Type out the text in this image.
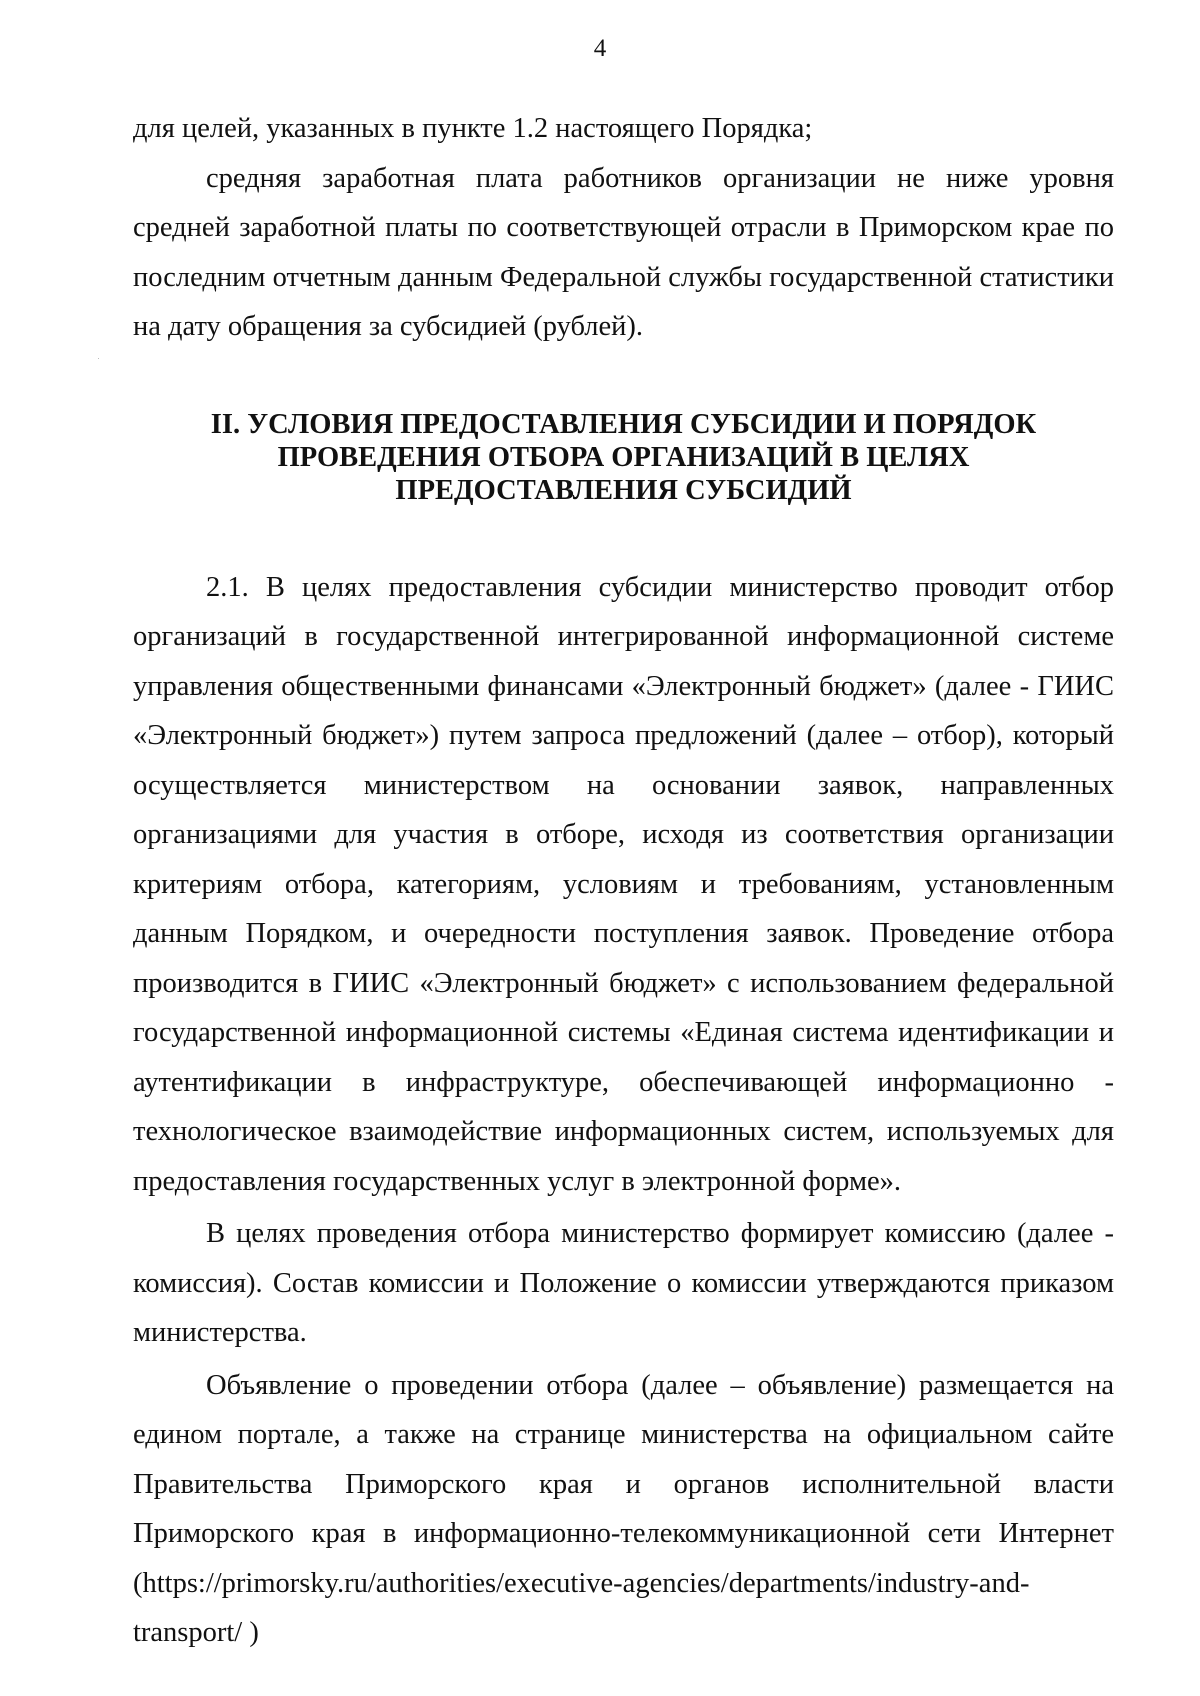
4

для целей, указанных в пункте 1.2 настоящего Порядка;

средняя заработная плата работников организации не ниже уровня средней заработной платы по соответствующей отрасли в Приморском крае по последним отчетным данным Федеральной службы государственной статистики на дату обращения за субсидией (рублей).

II. УСЛОВИЯ ПРЕДОСТАВЛЕНИЯ СУБСИДИИ И ПОРЯДОК
ПРОВЕДЕНИЯ ОТБОРА ОРГАНИЗАЦИЙ В ЦЕЛЯХ
ПРЕДОСТАВЛЕНИЯ СУБСИДИЙ

2.1. В целях предоставления субсидии министерство проводит отбор организаций в государственной интегрированной информационной системе управления общественными финансами «Электронный бюджет» (далее - ГИИС «Электронный бюджет») путем запроса предложений (далее – отбор), который осуществляется министерством на основании заявок, направленных организациями для участия в отборе, исходя из соответствия организации критериям отбора, категориям, условиям и требованиям, установленным данным Порядком, и очередности поступления заявок. Проведение отбора производится в ГИИС «Электронный бюджет» с использованием федеральной государственной информационной системы «Единая система идентификации и аутентификации в инфраструктуре, обеспечивающей информационно - технологическое взаимодействие информационных систем, используемых для предоставления государственных услуг в электронной форме».

В целях проведения отбора министерство формирует комиссию (далее - комиссия). Состав комиссии и Положение о комиссии утверждаются приказом министерства.

Объявление о проведении отбора (далее – объявление) размещается на едином портале, а также на странице министерства на официальном сайте Правительства Приморского края и органов исполнительной власти Приморского края в информационно-телекоммуникационной сети Интернет (https://primorsky.ru/authorities/executive-agencies/departments/industry-and-transport/ )
